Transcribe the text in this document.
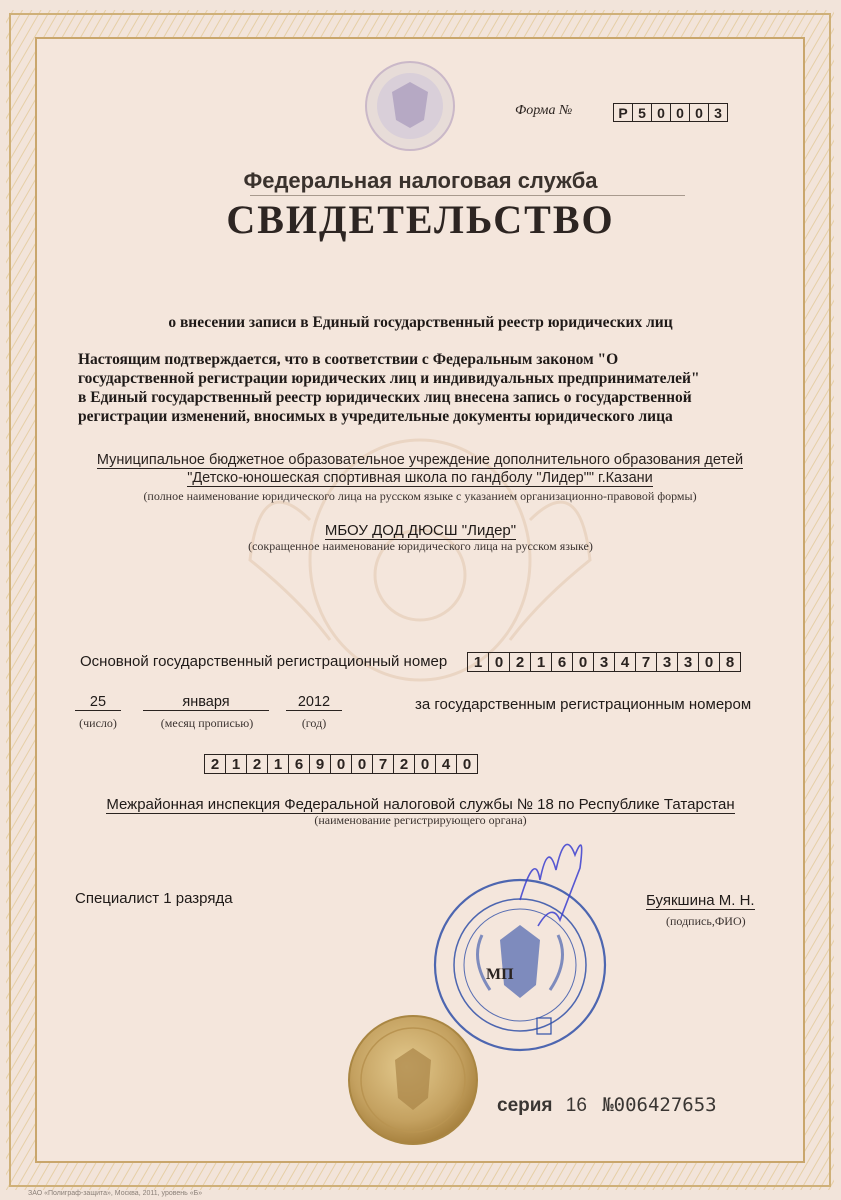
Форма №	Р 5 0 0 0 3
Федеральная налоговая служба
СВИДЕТЕЛЬСТВО
о внесении записи в Единый государственный реестр юридических лиц
Настоящим подтверждается, что в соответствии с Федеральным законом "О
государственной регистрации юридических лиц и индивидуальных предпринимателей"
в Единый государственный реестр юридических лиц внесена запись о государственной
регистрации изменений, вносимых в учредительные документы юридического лица
Муниципальное бюджетное образовательное учреждение дополнительного образования детей
"Детско-юношеская спортивная школа по гандболу "Лидер"" г.Казани
(полное наименование юридического лица на русском языке с указанием организационно-правовой формы)
МБОУ ДОД ДЮСШ "Лидер"
(сокращенное наименование юридического лица на русском языке)
Основной государственный регистрационный номер	1 0 2 1 6 0 3 4 7 3 3 0 8
25
(число)
января
(месяц прописью)
2012
(год)
за государственным регистрационным номером
2 1 2 1 6 9 0 0 7 2 0 4 0
Межрайонная инспекция Федеральной налоговой службы № 18 по Республике Татарстан
(наименование регистрирующего органа)
Специалист 1 разряда	Буякшина М. Н.
(подпись,ФИО)
МП
серия 16 №006427653
ЗАО «Полиграф-защита», Москва, 2011, уровень «Б»
